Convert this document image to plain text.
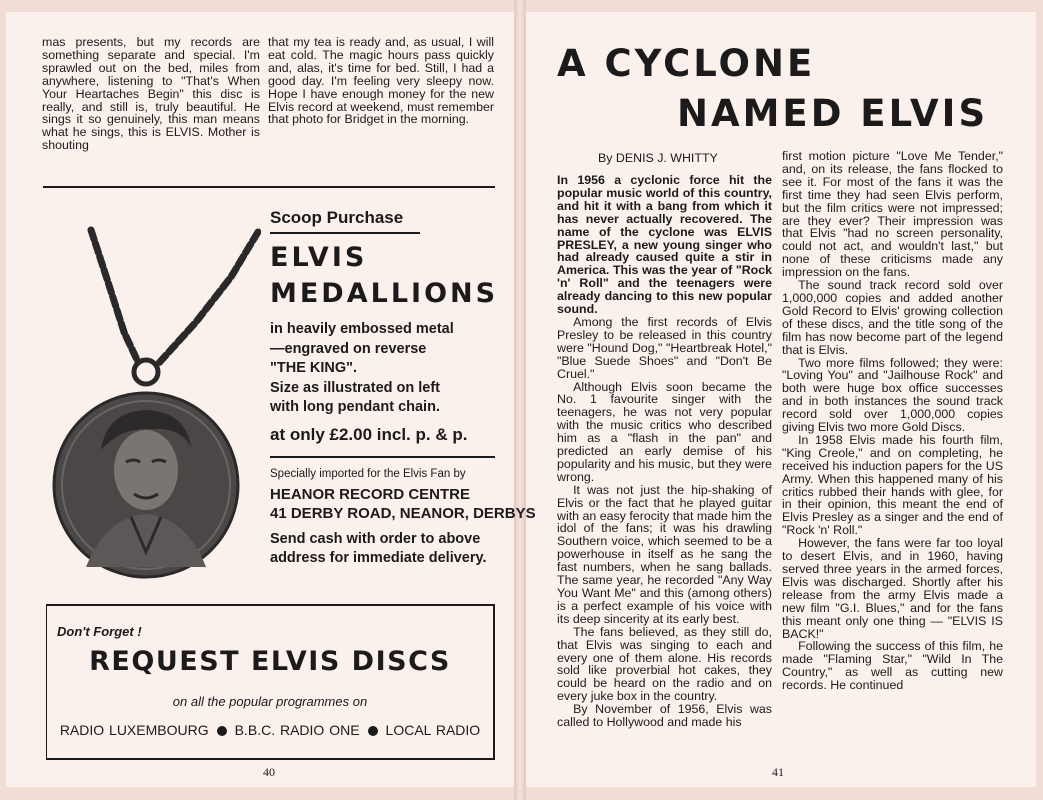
mas presents, but my records are something separate and special. I'm sprawled out on the bed, miles from anywhere, listening to "That's When Your Heartaches Begin" this disc is really, and still is, truly beautiful. He sings it so genuinely, this man means what he sings, this is ELVIS. Mother is shouting

that my tea is ready and, as usual, I will eat cold. The magic hours pass quickly and, alas, it's time for bed. Still, I had a good day. I'm feeling very sleepy now. Hope I have enough money for the new Elvis record at weekend, must remember that photo for Bridget in the morning.

Scoop Purchase
ELVIS
MEDALLIONS
in heavily embossed metal
—engraved on reverse
"THE KING".
Size as illustrated on left
with long pendant chain.
at only £2.00 incl. p. & p.
Specially imported for the Elvis Fan by
HEANOR RECORD CENTRE
41 DERBY ROAD, NEANOR, DERBYS
Send cash with order to above address for immediate delivery.
Don't Forget !
REQUEST ELVIS DISCS
on all the popular programmes on
RADIO LUXEMBOURG B.B.C. RADIO ONE LOCAL RADIO
40
A CYCLONE
NAMED ELVIS
By DENIS J. WHITTY

In 1956 a cyclonic force hit the popular music world of this country, and hit it with a bang from which it has never actually recovered. The name of the cyclone was ELVIS PRESLEY, a new young singer who had already caused quite a stir in America. This was the year of "Rock 'n' Roll" and the teenagers were already dancing to this new popular sound.

Among the first records of Elvis Presley to be released in this country were "Hound Dog," "Heartbreak Hotel," "Blue Suede Shoes" and "Don't Be Cruel."

Although Elvis soon became the No. 1 favourite singer with the teenagers, he was not very popular with the music critics who described him as a "flash in the pan" and predicted an early demise of his popularity and his music, but they were wrong.

It was not just the hip-shaking of Elvis or the fact that he played guitar with an easy ferocity that made him the idol of the fans; it was his drawling Southern voice, which seemed to be a powerhouse in itself as he sang the fast numbers, when he sang ballads. The same year, he recorded "Any Way You Want Me" and this (among others) is a perfect example of his voice with its deep sincerity at its early best.

The fans believed, as they still do, that Elvis was singing to each and every one of them alone. His records sold like proverbial hot cakes, they could be heard on the radio and on every juke box in the country.

By November of 1956, Elvis was called to Hollywood and made his

first motion picture "Love Me Tender," and, on its release, the fans flocked to see it. For most of the fans it was the first time they had seen Elvis perform, but the film critics were not impressed; are they ever? Their impression was that Elvis "had no screen personality, could not act, and wouldn't last," but none of these criticisms made any impression on the fans.

The sound track record sold over 1,000,000 copies and added another Gold Record to Elvis' growing collection of these discs, and the title song of the film has now become part of the legend that is Elvis.

Two more films followed; they were: "Loving You" and "Jailhouse Rock" and both were huge box office successes and in both instances the sound track record sold over 1,000,000 copies giving Elvis two more Gold Discs.

In 1958 Elvis made his fourth film, "King Creole," and on completing, he received his induction papers for the US Army. When this happened many of his critics rubbed their hands with glee, for in their opinion, this meant the end of Elvis Presley as a singer and the end of "Rock 'n' Roll."

However, the fans were far too loyal to desert Elvis, and in 1960, having served three years in the armed forces, Elvis was discharged. Shortly after his release from the army Elvis made a new film "G.I. Blues," and for the fans this meant only one thing — "ELVIS IS BACK!"

Following the success of this film, he made "Flaming Star," "Wild In The Country," as well as cutting new records. He continued

41
